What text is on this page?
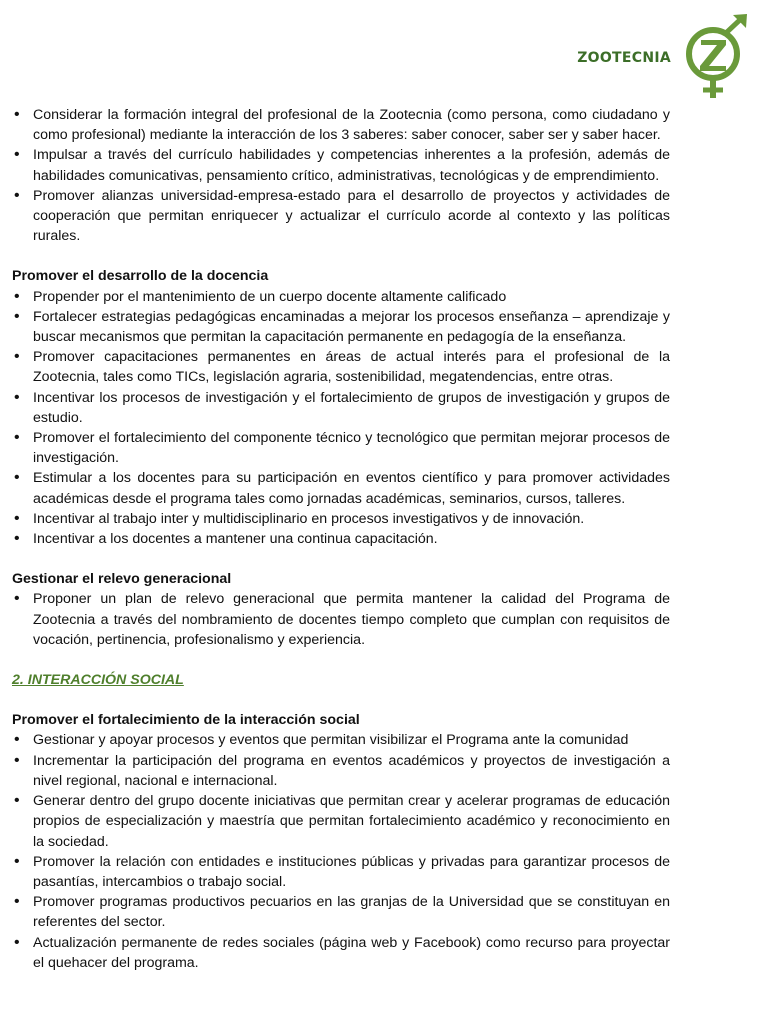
ZOOTECNIA
• Considerar la formación integral del profesional de la Zootecnia (como persona, como ciudadano y como profesional) mediante la interacción de los 3 saberes: saber conocer, saber ser y saber hacer.
• Impulsar a través del currículo habilidades y competencias inherentes a la profesión, además de habilidades comunicativas, pensamiento crítico, administrativas, tecnológicas y de emprendimiento.
• Promover alianzas universidad-empresa-estado para el desarrollo de proyectos y actividades de cooperación que permitan enriquecer y actualizar el currículo acorde al contexto y las políticas rurales.

Promover el desarrollo de la docencia

• Propender por el mantenimiento de un cuerpo docente altamente calificado
• Fortalecer estrategias pedagógicas encaminadas a mejorar los procesos enseñanza – aprendizaje y buscar mecanismos que permitan la capacitación permanente en pedagogía de la enseñanza.
• Promover capacitaciones permanentes en áreas de actual interés para el profesional de la Zootecnia, tales como TICs, legislación agraria, sostenibilidad, megatendencias, entre otras.
• Incentivar los procesos de investigación y el fortalecimiento de grupos de investigación y grupos de estudio.
• Promover el fortalecimiento del componente técnico y tecnológico que permitan mejorar procesos de investigación.
• Estimular a los docentes para su participación en eventos científico y para promover actividades académicas desde el programa tales como jornadas académicas, seminarios, cursos, talleres.
• Incentivar al trabajo inter y multidisciplinario en procesos investigativos y de innovación.
• Incentivar a los docentes a mantener una continua capacitación.

Gestionar el relevo generacional

• Proponer un plan de relevo generacional que permita mantener la calidad del Programa de Zootecnia a través del nombramiento de docentes tiempo completo que cumplan con requisitos de vocación, pertinencia, profesionalismo y experiencia.

2. INTERACCIÓN SOCIAL

Promover el fortalecimiento de la interacción social

• Gestionar y apoyar procesos y eventos que permitan visibilizar el Programa ante la comunidad
• Incrementar la participación del programa en eventos académicos y proyectos de investigación a nivel regional, nacional e internacional.
• Generar dentro del grupo docente iniciativas que permitan crear y acelerar programas de educación propios de especialización y maestría que permitan fortalecimiento académico y reconocimiento en la sociedad.
• Promover la relación con entidades e instituciones públicas y privadas para garantizar procesos de pasantías, intercambios o trabajo social.
• Promover programas productivos pecuarios en las granjas de la Universidad que se constituyan en referentes del sector.
• Actualización permanente de redes sociales (página web y Facebook) como recurso para proyectar el quehacer del programa.
